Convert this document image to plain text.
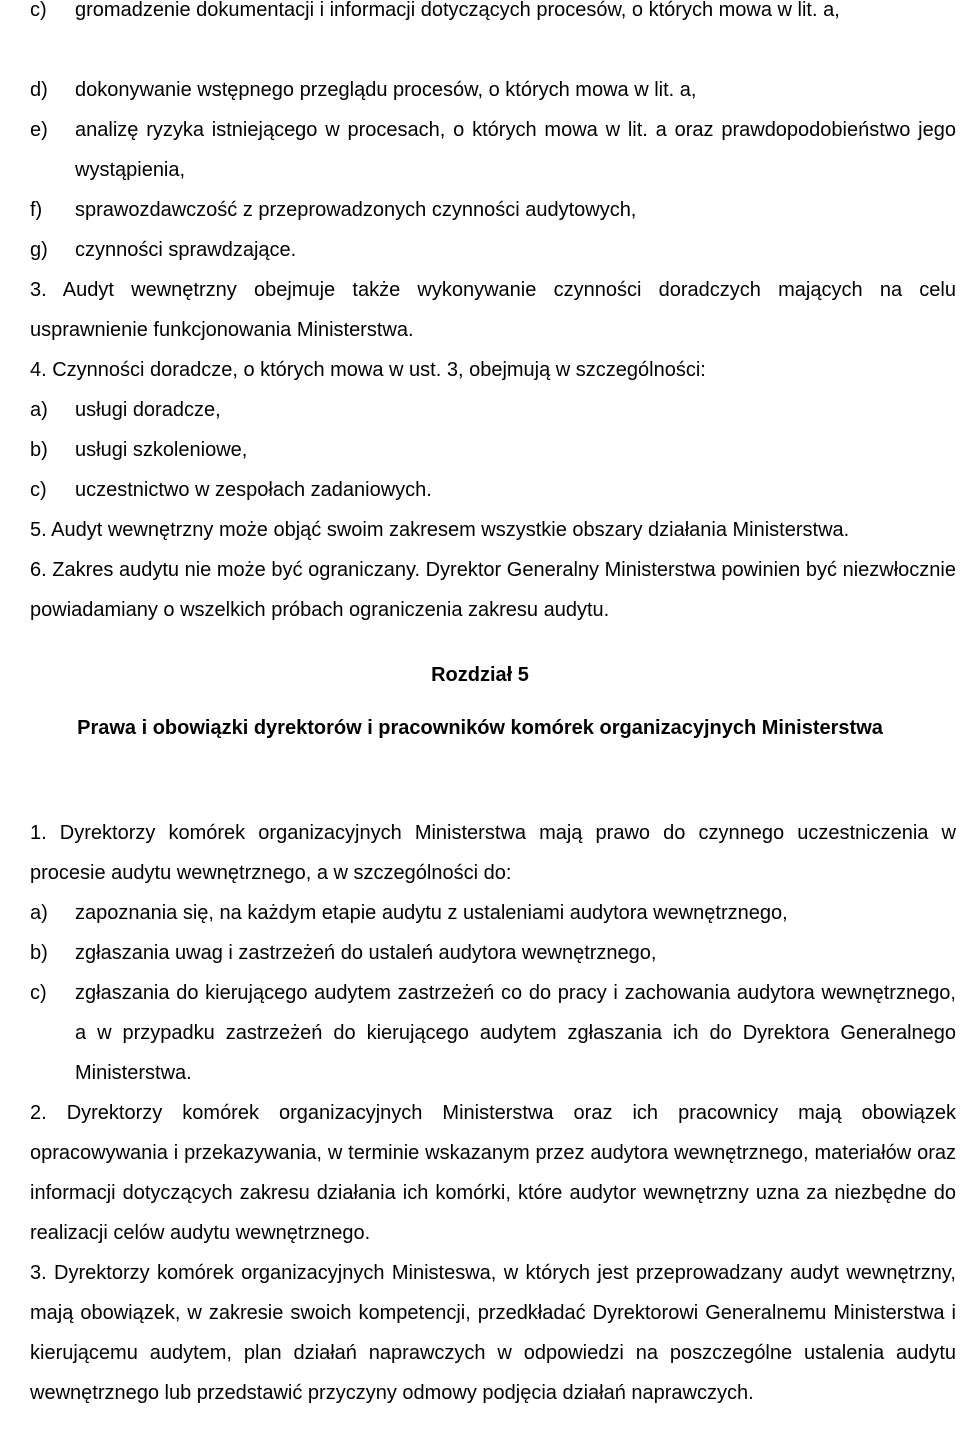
c) gromadzenie dokumentacji i informacji dotyczących procesów, o których mowa w lit. a,
d) dokonywanie wstępnego przeglądu procesów, o których mowa w lit. a,
e) analizę ryzyka istniejącego w procesach, o których mowa w lit. a oraz prawdopodobieństwo jego wystąpienia,
f) sprawozdawczość z przeprowadzonych czynności audytowych,
g) czynności sprawdzające.
3. Audyt wewnętrzny obejmuje także wykonywanie czynności doradczych mających na celu usprawnienie funkcjonowania Ministerstwa.
4. Czynności doradcze, o których mowa w ust. 3, obejmują w szczególności:
a) usługi doradcze,
b) usługi szkoleniowe,
c) uczestnictwo w zespołach zadaniowych.
5. Audyt wewnętrzny może objąć swoim zakresem wszystkie obszary działania Ministerstwa.
6. Zakres audytu nie może być ograniczany. Dyrektor Generalny Ministerstwa powinien być niezwłocznie powiadamiany o wszelkich próbach ograniczenia zakresu audytu.
Rozdział 5
Prawa i obowiązki dyrektorów i pracowników komórek organizacyjnych Ministerstwa
1. Dyrektorzy komórek organizacyjnych Ministerstwa mają prawo do czynnego uczestniczenia w procesie audytu wewnętrznego, a w szczególności do:
a) zapoznania się, na każdym etapie audytu z ustaleniami audytora wewnętrznego,
b) zgłaszania uwag i zastrzeżeń do ustaleń audytora wewnętrznego,
c) zgłaszania do kierującego audytem zastrzeżeń co do pracy i zachowania audytora wewnętrznego, a w przypadku zastrzeżeń do kierującego audytem zgłaszania ich do Dyrektora Generalnego Ministerstwa.
2. Dyrektorzy komórek organizacyjnych Ministerstwa oraz ich pracownicy mają obowiązek opracowywania i przekazywania, w terminie wskazanym przez audytora wewnętrznego, materiałów oraz informacji dotyczących zakresu działania ich komórki, które audytor wewnętrzny uzna za niezbędne do realizacji celów audytu wewnętrznego.
3. Dyrektorzy komórek organizacyjnych Ministeswa, w których jest przeprowadzany audyt wewnętrzny, mają obowiązek, w zakresie swoich kompetencji, przedkładać Dyrektorowi Generalnemu Ministerstwa i kierującemu audytem, plan działań naprawczych w odpowiedzi na poszczególne ustalenia audytu wewnętrznego lub przedstawić przyczyny odmowy podjęcia działań naprawczych.
